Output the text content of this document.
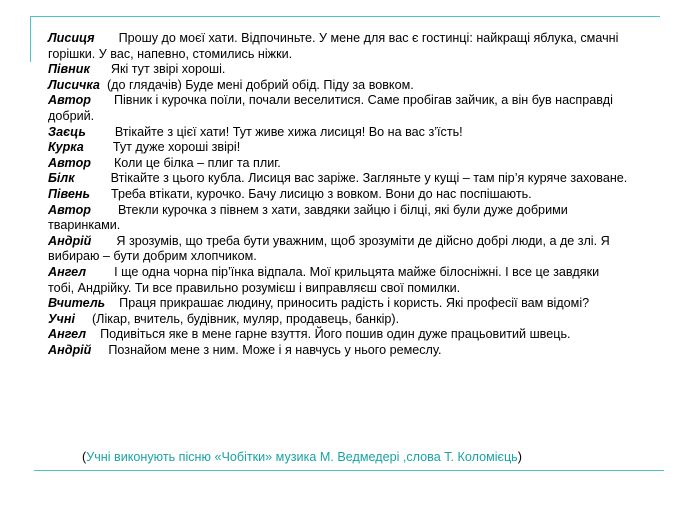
Лисиця Прошу до моєї хати. Відпочиньте. У мене для вас є гостинці: найкращі яблука, смачні горішки. У вас, напевно, стомились ніжки.

Півник Які тут звірі хороші.

Лисичка (до глядачів) Буде мені добрий обід. Піду за вовком.

Автор Півник і курочка поїли, почали веселитися. Саме пробігав зайчик, а він був насправді добрий.

Заєць Втікайте з цієї хати! Тут живе хижа лисиця! Во на вас з’їсть!

Курка Тут дуже хороші звірі!

Автор Коли це білка – плиг та плиг.

Білк	Втікайте з цього кубла. Лисиця вас заріже. Загляньте у кущі – там пір’я куряче заховане.

Півень Треба втікати, курочко. Бачу лисицю з вовком. Вони до нас поспішають.

Автор Втекли курочка з півнем з хати, завдяки зайцю і білці, які були дуже добрими тваринками.

Андрій Я зрозумів, що треба бути уважним, щоб зрозуміти де дійсно добрі люди, а де злі. Я вибираю – бути добрим хлопчиком.

Ангел І ще одна чорна пір’їнка відпала. Мої крильцята майже білосніжні. І все це завдяки тобі, Андрійку. Ти все правильно розумієш і виправляєш свої помилки.

Вчитель Праця прикрашає людину, приносить радість і користь. Які професії вам відомі?

Учні (Лікар, вчитель, будівник, муляр, продавець, банкір).

Ангел Подивіться яке в мене гарне взуття. Його пошив один дуже працьовитий швець.

Андрій Познайом мене з ним. Може і я навчусь у нього ремеслу.

(Учні виконують пісню «Чобітки» музика М. Ведмедері ,слова Т. Коломієць)
